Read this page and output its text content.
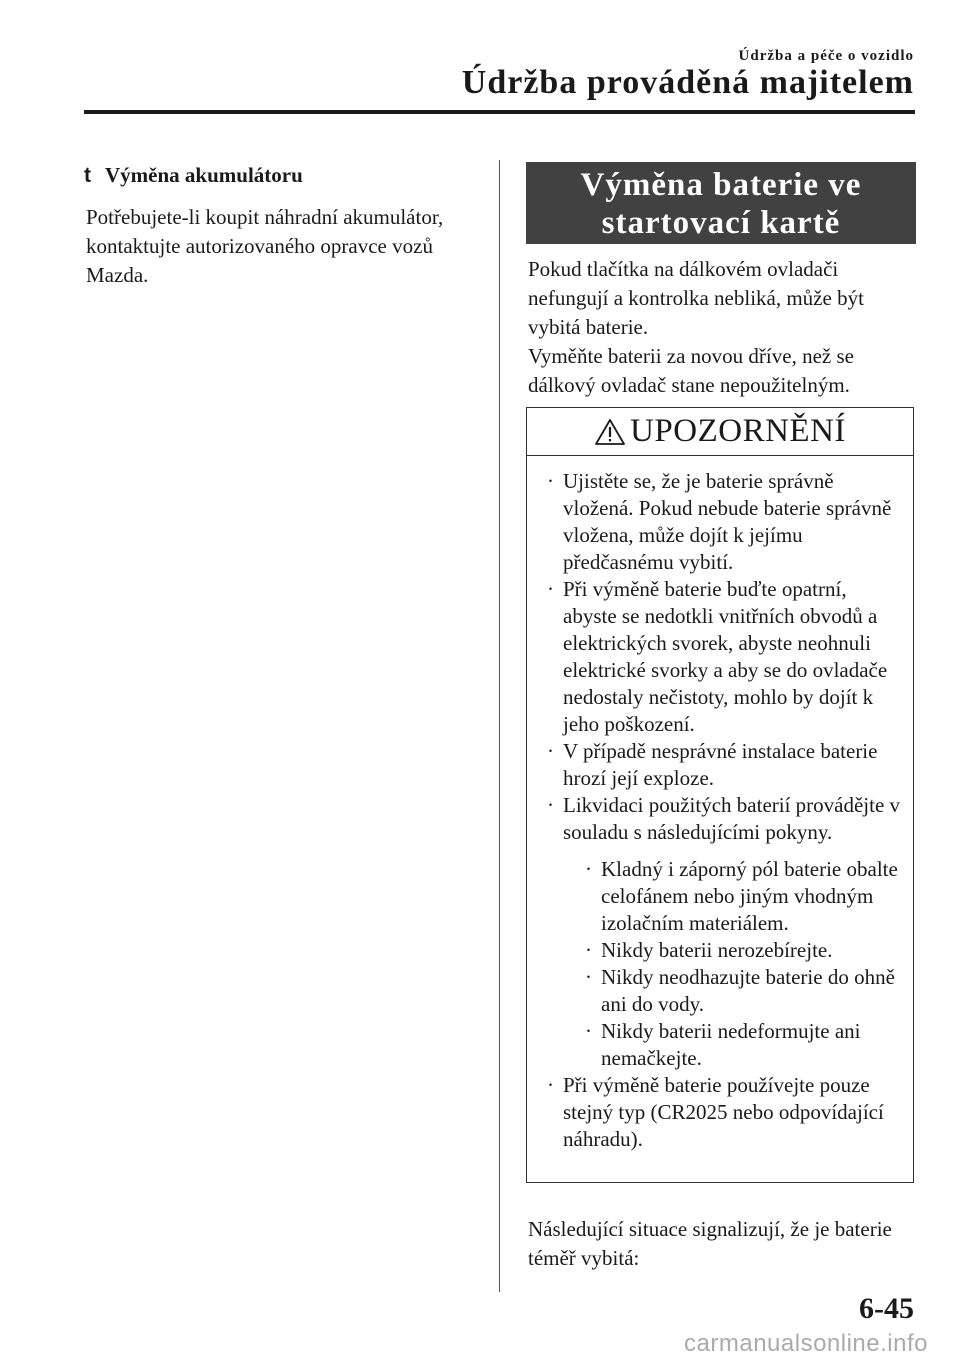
Údržba a péče o vozidlo
Údržba prováděná majitelem
t Výměna akumulátoru
Potřebujete-li koupit náhradní akumulátor, kontaktujte autorizovaného opravce vozů Mazda.
Výměna baterie ve
startovací kartě
Pokud tlačítka na dálkovém ovladači nefungují a kontrolka nebliká, může být vybitá baterie.
Vyměňte baterii za novou dříve, než se dálkový ovladač stane nepoužitelným.
UPOZORNĚNÍ
· Ujistěte se, že je baterie správně vložená. Pokud nebude baterie správně vložena, může dojít k jejímu předčasnému vybití.
· Při výměně baterie buďte opatrní, abyste se nedotkli vnitřních obvodů a elektrických svorek, abyste neohnuli elektrické svorky a aby se do ovladače nedostaly nečistoty, mohlo by dojít k jeho poškození.
· V případě nesprávné instalace baterie hrozí její exploze.
· Likvidaci použitých baterií provádějte v souladu s následujícími pokyny.
· Kladný i záporný pól baterie obalte celofánem nebo jiným vhodným izolačním materiálem.
· Nikdy baterii nerozebírejte.
· Nikdy neodhazujte baterie do ohně ani do vody.
· Nikdy baterii nedeformujte ani nemačkejte.
· Při výměně baterie používejte pouze stejný typ (CR2025 nebo odpovídající náhradu).
Následující situace signalizují, že je baterie téměř vybitá:
6-45
carmanualsonline.info
